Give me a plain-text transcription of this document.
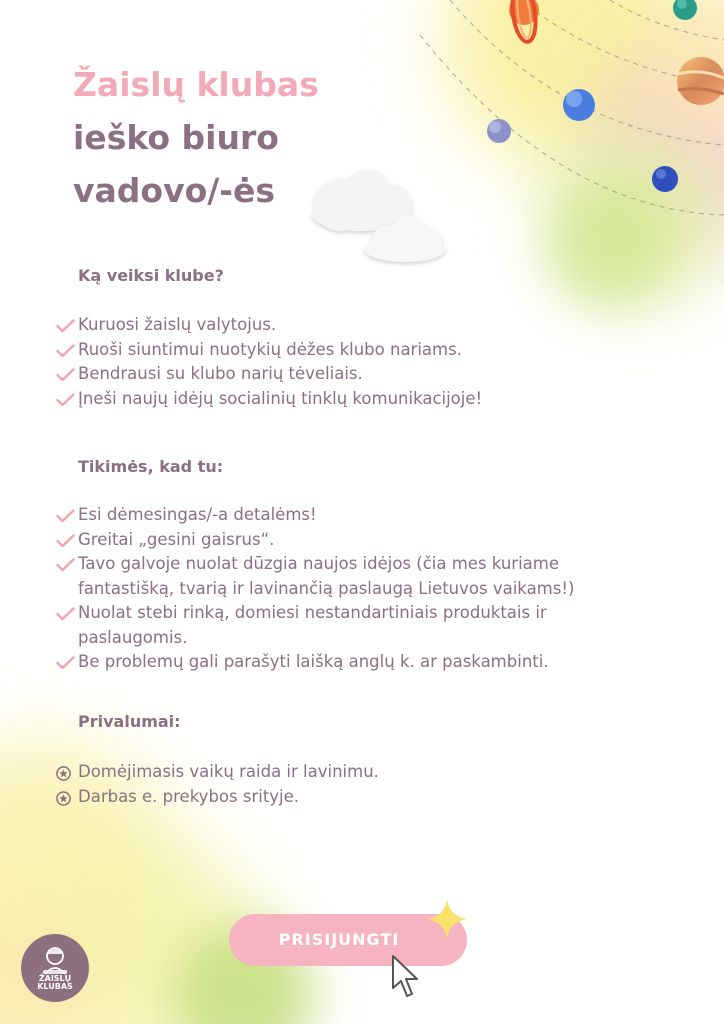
Žaislų klubas
ieško biuro
vadovo/-ės
Ką veiksi klube?
Kuruosi žaislų valytojus.
Ruoši siuntimui nuotykių dėžes klubo nariams.
Bendrausi su klubo narių tėveliais.
Įneši naujų idėjų socialinių tinklų komunikacijoje!
Tikimės, kad tu:
Esi dėmesingas/-a detalėms!
Greitai „gesini gaisrus“.
Tavo galvoje nuolat dūzgia naujos idėjos (čia mes kuriame fantastišką, tvarią ir lavinančią paslaugą Lietuvos vaikams!)
Nuolat stebi rinką, domiesi nestandartiniais produktais ir paslaugomis.
Be problemų gali parašyti laišką anglų k. ar paskambinti.
Privalumai:
Domėjimasis vaikų raida ir lavinimu.
Darbas e. prekybos srityje.
PRISIJUNGTI
ŽAISLŲ
KLUBAS
